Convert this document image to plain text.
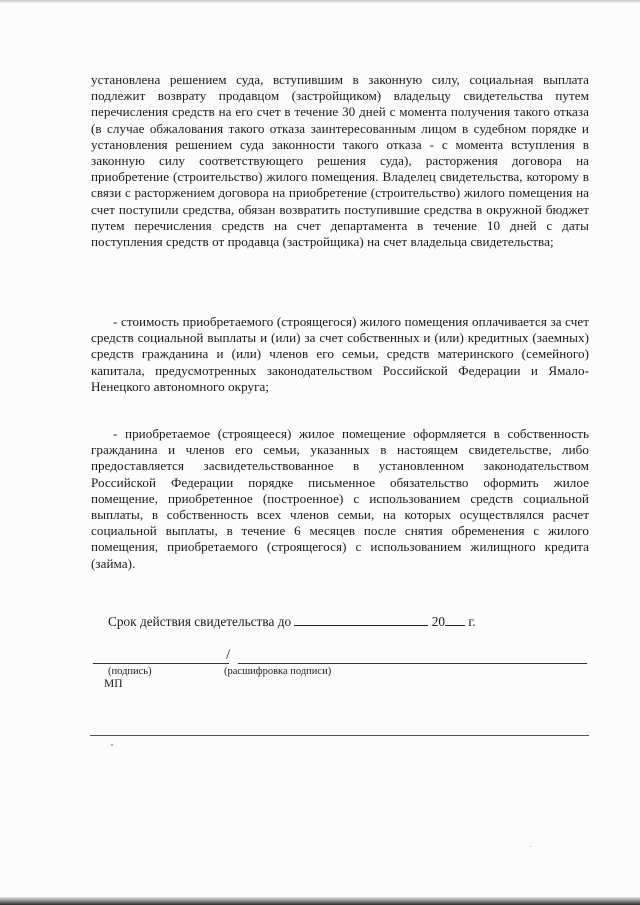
установлена решением суда, вступившим в законную силу, социальная выплата подлежит возврату продавцом (застройщиком) владельцу свидетельства путем перечисления средств на его счет в течение 30 дней с момента получения такого отказа (в случае обжалования такого отказа заинтересованным лицом в судебном порядке и установления решением суда законности такого отказа - с момента вступления в законную силу соответствующего решения суда), расторжения договора на приобретение (строительство) жилого помещения. Владелец свидетельства, которому в связи с расторжением договора на приобретение (строительство) жилого помещения на счет поступили средства, обязан возвратить поступившие средства в окружной бюджет путем перечисления средств на счет департамента в течение 10 дней с даты поступления средств от продавца (застройщика) на счет владельца свидетельства;
- стоимость приобретаемого (строящегося) жилого помещения оплачивается за счет средств социальной выплаты и (или) за счет собственных и (или) кредитных (заемных) средств гражданина и (или) членов его семьи, средств материнского (семейного) капитала, предусмотренных законодательством Российской Федерации и Ямало-Ненецкого автономного округа;
- приобретаемое (строящееся) жилое помещение оформляется в собственность гражданина и членов его семьи, указанных в настоящем свидетельстве, либо предоставляется засвидетельствованное в установленном законодательством Российской Федерации порядке письменное обязательство оформить жилое помещение, приобретенное (построенное) с использованием средств социальной выплаты, в собственность всех членов семьи, на которых осуществлялся расчет социальной выплаты, в течение 6 месяцев после снятия обременения с жилого помещения, приобретаемого (строящегося) с использованием жилищного кредита (займа).
Срок действия свидетельства до	20 г.
/
(подпись)	(расшифровка подписи)
МП
